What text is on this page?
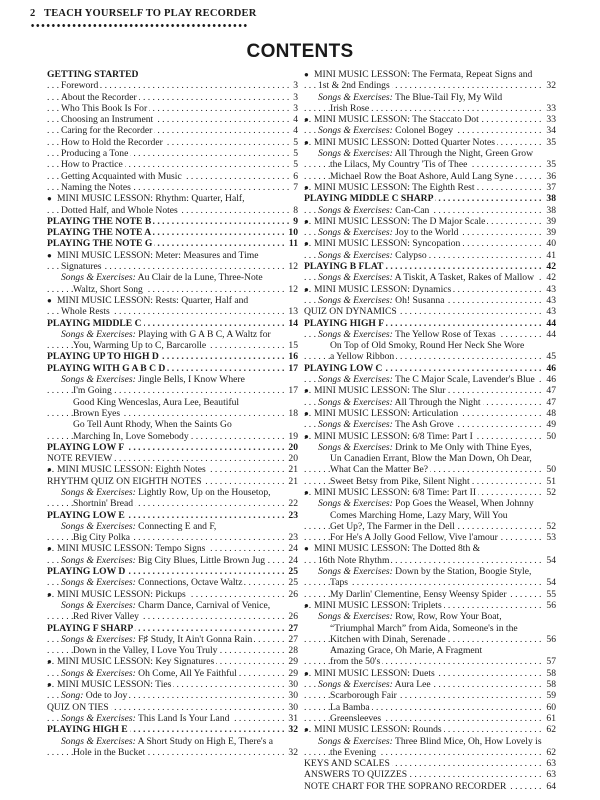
2 TEACH YOURSELF TO PLAY RECORDER
CONTENTS
GETTING STARTED
Foreword	3
. . .
About the Recorder	3
. . .
Who This Book Is For	3
. . .
Choosing an Instrument	4
. . .
Caring for the Recorder	4
. . .
How to Hold the Recorder	5
. . .
Producing a Tone	5
. . .
How to Practice	5
. . .
Getting Acquainted with Music	6
. . .
Naming the Notes	7
. . .
● MINI MUSIC LESSON: Rhythm: Quarter, Half,
Dotted Half, and Whole Notes	8
. . .
PLAYING THE NOTE B	9
. . .
PLAYING THE NOTE A	10
. . .
PLAYING THE NOTE G	11
. . .
● MINI MUSIC LESSON: Meter: Measures and Time
Signatures	12
. . .
Songs & Exercises: Au Clair de la Lune, Three-Note
Waltz, Short Song	12
. . .
● MINI MUSIC LESSON: Rests: Quarter, Half and
Whole Rests	13
. . .
PLAYING MIDDLE C	14
. . .
Songs & Exercises: Playing with G A B C, A Waltz for
You, Warming Up to C, Barcarolle	15
. . .
PLAYING UP TO HIGH D	16
. . .
PLAYING WITH G A B C D	17
. . .
Songs & Exercises: Jingle Bells, I Know Where
I'm Going	17
. . .
Good King Wenceslas, Aura Lee, Beautiful
Brown Eyes	18
. . .
Go Tell Aunt Rhody, When the Saints Go
Marching In, Love Somebody	19
. . .
PLAYING LOW F	20
. . .
NOTE REVIEW	20
. . .
● MINI MUSIC LESSON: Eighth Notes	21
. . .
RHYTHM QUIZ ON EIGHTH NOTES	21
. . .
Songs & Exercises: Lightly Row, Up on the Housetop,
Shortnin' Bread	22
. . .
PLAYING LOW E	23
. . .
Songs & Exercises: Connecting E and F,
Big City Polka	23
. . .
● MINI MUSIC LESSON: Tempo Signs	24
. . .
Songs & Exercises: Big City Blues, Little Brown Jug 24
. . .
PLAYING LOW D	25
. . .
Songs & Exercises: Connections, Octave Waltz	25
. . .
● MINI MUSIC LESSON: Pickups	26
. . .
Songs & Exercises: Charm Dance, Carnival of Venice,
Red River Valley	26
. . .
PLAYING F SHARP	27
. . .
Songs & Exercises: F♯ Study, It Ain't Gonna Rain	27
. . .
Down in the Valley, I Love You Truly	28
. . .
● MINI MUSIC LESSON: Key Signatures	29
. . .
Songs & Exercises: Oh Come, All Ye Faithful	29
. . .
● MINI MUSIC LESSON: Ties	30
. . .
Song: Ode to Joy	30
. . .
QUIZ ON TIES	30
. . .
Songs & Exercises: This Land Is Your Land	31
. . .
PLAYING HIGH E	32
. . .
Songs & Exercises: A Short Study on High E, There's a
Hole in the Bucket	32
. . .
● MINI MUSIC LESSON: The Fermata, Repeat Signs and
1st & 2nd Endings	32
. . .
Songs & Exercises: The Blue-Tail Fly, My Wild
Irish Rose	33
. . .
● MINI MUSIC LESSON: The Staccato Dot	33
. . .
Songs & Exercises: Colonel Bogey	34
. . .
● MINI MUSIC LESSON: Dotted Quarter Notes	35
. . .
Songs & Exercises: All Through the Night, Green Grow
the Lilacs, My Country 'Tis of Thee	35
. . .
Michael Row the Boat Ashore, Auld Lang Syne	36
. . .
● MINI MUSIC LESSON: The Eighth Rest	37
. . .
PLAYING MIDDLE C SHARP	38
. . .
Songs & Exercises: Can-Can	38
. . .
● MINI MUSIC LESSON: The D Major Scale	39
. . .
Songs & Exercises: Joy to the World	39
. . .
● MINI MUSIC LESSON: Syncopation	40
. . .
Songs & Exercises: Calypso	41
. . .
PLAYING B FLAT	42
. . .
Songs & Exercises: A Tiskit, A Tasket, Rakes of Mallow 42
. . .
● MINI MUSIC LESSON: Dynamics	43
. . .
Songs & Exercises: Oh! Susanna	43
. . .
QUIZ ON DYNAMICS	43
. . .
PLAYING HIGH F	44
. . .
Songs & Exercises: The Yellow Rose of Texas	44
. . .
On Top of Old Smoky, Round Her Neck She Wore
a Yellow Ribbon	45
. . .
PLAYING LOW C	46
. . .
Songs & Exercises: The C Major Scale, Lavender's Blue 46
. . .
● MINI MUSIC LESSON: The Slur	47
. . .
Songs & Exercises: All Through the Night	47
. . .
● MINI MUSIC LESSON: Articulation	48
. . .
Songs & Exercises: The Ash Grove	49
. . .
● MINI MUSIC LESSON: 6/8 Time: Part I	50
. . .
Songs & Exercises: Drink to Me Only with Thine Eyes,
Un Canadien Errant, Blow the Man Down, Oh Dear,
What Can the Matter Be?	50
. . .
Sweet Betsy from Pike, Silent Night	51
. . .
● MINI MUSIC LESSON: 6/8 Time: Part II	52
. . .
Songs & Exercises: Pop Goes the Weasel, When Johnny
Comes Marching Home, Lazy Mary, Will You
Get Up?, The Farmer in the Dell	52
. . .
For He's A Jolly Good Fellow, Vive l'amour	53
. . .
● MINI MUSIC LESSON: The Dotted 8th &
16th Note Rhythm	54
. . .
Songs & Exercises: Down by the Station, Boogie Style,
Taps	54
. . .
My Darlin' Clementine, Eensy Weensy Spider	55
. . .
● MINI MUSIC LESSON: Triplets	56
. . .
Songs & Exercises: Row, Row, Row Your Boat,
“Triumphal March” from Aida, Someone's in the
Kitchen with Dinah, Serenade	56
. . .
Amazing Grace, Oh Marie, A Fragment
from the 50's	57
. . .
● MINI MUSIC LESSON: Duets	58
. . .
Songs & Exercises: Aura Lee	58
. . .
Scarborough Fair	59
. . .
La Bamba	60
. . .
Greensleeves	61
. . .
● MINI MUSIC LESSON: Rounds	62
. . .
Songs & Exercises: Three Blind Mice, Oh, How Lovely is
the Evening	62
. . .
KEYS AND SCALES	63
. . .
ANSWERS TO QUIZZES	63
. . .
NOTE CHART FOR THE SOPRANO RECORDER	64
. . .
